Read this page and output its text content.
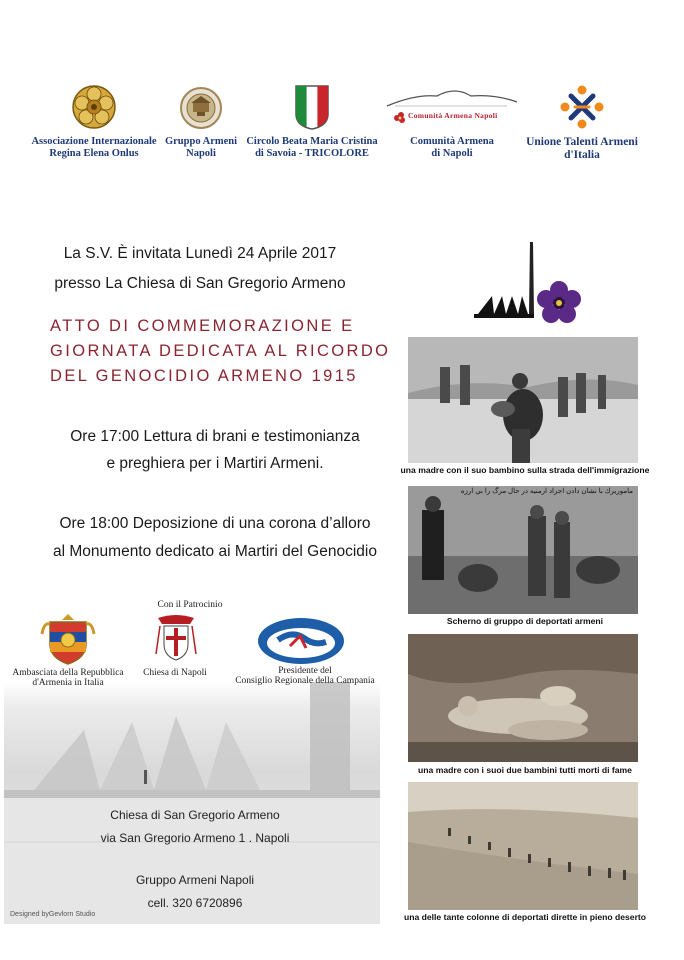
Associazione Internazionale
Regina Elena Onlus
Gruppo Armeni
Napoli
Circolo Beata Maria Cristina
di Savoia - TRICOLORE
Comunità Armena Napoli
Comunità Armena
di Napoli
Unione Talenti Armeni
d'Italia
La S.V. È invitata Lunedì 24 Aprile 2017
presso La Chiesa di San Gregorio Armeno
ATTO DI COMMEMORAZIONE E
GIORNATA DEDICATA AL RICORDO
DEL GENOCIDIO ARMENO 1915
Ore 17:00 Lettura di brani e testimonianza
e preghiera per i Martiri Armeni.
Ore 18:00 Deposizione di una corona d’alloro
al Monumento dedicato ai Martiri del Genocidio
Con il Patrocinio
Ambasciata della Repubblica
d'Armenia in Italia
Chiesa di Napoli	Presidente del
Consiglio Regionale della Campania
Chiesa di San Gregorio Armeno
via San Gregorio Armeno 1 . Napoli
Gruppo Armeni Napoli
cell. 320 6720896
Designed byGevlorn Studio
una madre con il suo bambino sulla strada dell'immigrazione
ماموريرك با نشان دادن اجراد ارمنيه در حال مرگ را بي ارزه
Scherno di gruppo di deportati armeni
una madre con i suoi due bambini tutti morti di fame
una delle tante colonne di deportati dirette in pieno deserto
